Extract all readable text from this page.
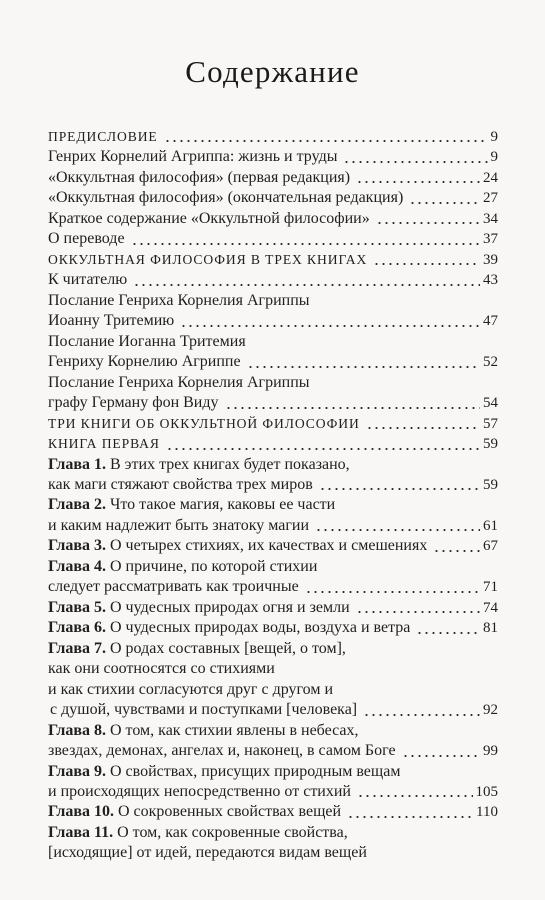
Содержание
ПРЕДИСЛОВИЕ	9
Генрих Корнелий Агриппа: жизнь и труды	9
«Оккультная философия» (первая редакция)	24
«Оккультная философия» (окончательная редакция)	27
Краткое содержание «Оккультной философии»	34
О переводе	37
ОККУЛЬТНАЯ ФИЛОСОФИЯ В ТРЕХ КНИГАХ	39
К читателю	43
Послание Генриха Корнелия Агриппы
Иоанну Тритемию	47
Послание Иоганна Тритемия
Генриху Корнелию Агриппе	52
Послание Генриха Корнелия Агриппы
графу Герману фон Виду	54
ТРИ КНИГИ ОБ ОККУЛЬТНОЙ ФИЛОСОФИИ	57
КНИГА ПЕРВАЯ	59
Глава 1. В этих трех книгах будет показано,
как маги стяжают свойства трех миров	59
Глава 2. Что такое магия, каковы ее части
и каким надлежит быть знатоку магии	61
Глава 3. О четырех стихиях, их качествах и смешениях	67
Глава 4. О причине, по которой стихии
следует рассматривать как троичные	71
Глава 5. О чудесных природах огня и земли	74
Глава 6. О чудесных природах воды, воздуха и ветра	81
Глава 7. О родах составных [вещей, о том],
как они соотносятся со стихиями
и как стихии согласуются друг с другом и
с душой, чувствами и поступками [человека]	92
Глава 8. О том, как стихии явлены в небесах,
звездах, демонах, ангелах и, наконец, в самом Боге	99
Глава 9. О свойствах, присущих природным вещам
и происходящих непосредственно от стихий	105
Глава 10. О сокровенных свойствах вещей	110
Глава 11. О том, как сокровенные свойства,
[исходящие] от идей, передаются видам вещей
